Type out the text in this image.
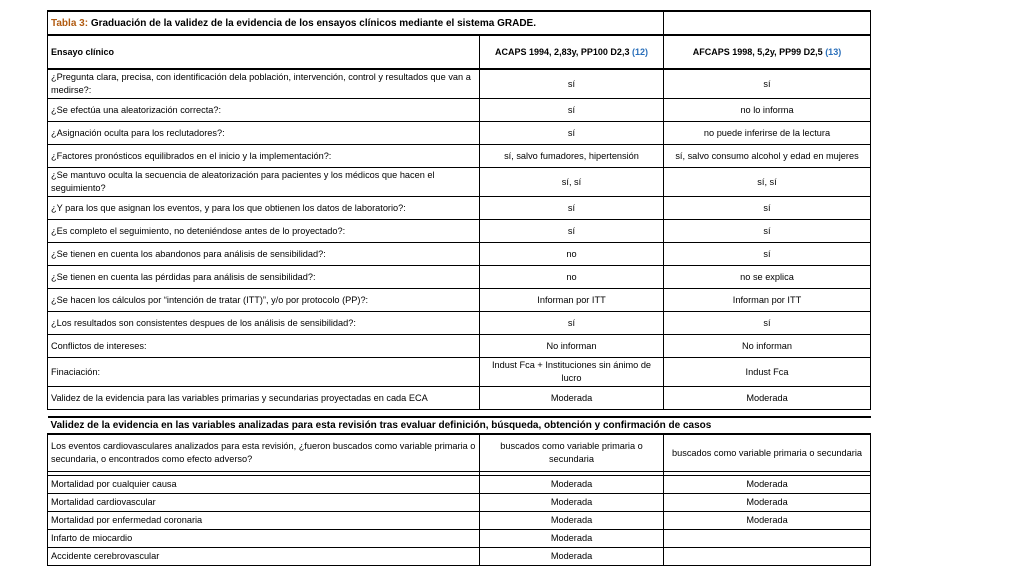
Tabla 3: Graduación de la validez de la evidencia de los ensayos clínicos mediante el sistema GRADE.		
Ensayo clínico	ACAPS 1994, 2,83y, PP100 D2,3 (12)	AFCAPS 1998, 5,2y, PP99 D2,5 (13)
¿Pregunta clara, precisa, con identificación dela población, intervención, control y resultados que van a medirse?:	sí	sí
¿Se efectúa una aleatorización correcta?:	sí	no lo informa
¿Asignación oculta para los reclutadores?:	sí	no puede inferirse de la lectura
¿Factores pronósticos equilibrados en el inicio y la implementación?:	sí, salvo fumadores, hipertensión	sí, salvo consumo alcohol y edad en mujeres
¿Se mantuvo oculta la secuencia de aleatorización para pacientes y los médicos que hacen el seguimiento?	sí, sí	sí, sí
¿Y para los que asignan los eventos, y para los que obtienen los datos de laboratorio?:	sí	sí
¿Es completo el seguimiento, no deteniéndose antes de lo proyectado?:	sí	sí
¿Se tienen en cuenta los abandonos para análisis de sensibilidad?:	no	sí
¿Se tienen en cuenta las pérdidas para análisis de sensibilidad?:	no	no se explica
¿Se hacen los cálculos por “intención de tratar (ITT)”, y/o por protocolo (PP)?:	Informan por ITT	Informan por ITT
¿Los resultados son consistentes despues de los análisis de sensibilidad?:	sí	sí
Conflictos de intereses:	No informan	No informan
Finaciación:	Indust Fca + Instituciones sin ánimo de lucro	Indust Fca
Validez de la evidencia para las variables primarias y secundarias proyectadas en cada ECA	Moderada	Moderada

Validez de la evidencia en las variables analizadas para esta revisión tras evaluar definición, búsqueda, obtención y confirmación de casos		
Los eventos cardiovasculares analizados para esta revisión, ¿fueron buscados como variable primaria o secundaria, o encontrados como efecto adverso?	buscados como variable primaria o secundaria	buscados como variable primaria o secundaria

Mortalidad por cualquier causa	Moderada	Moderada
Mortalidad cardiovascular	Moderada	Moderada
Mortalidad por enfermedad coronaria	Moderada	Moderada
Infarto de miocardio	Moderada	
Accidente cerebrovascular	Moderada	
